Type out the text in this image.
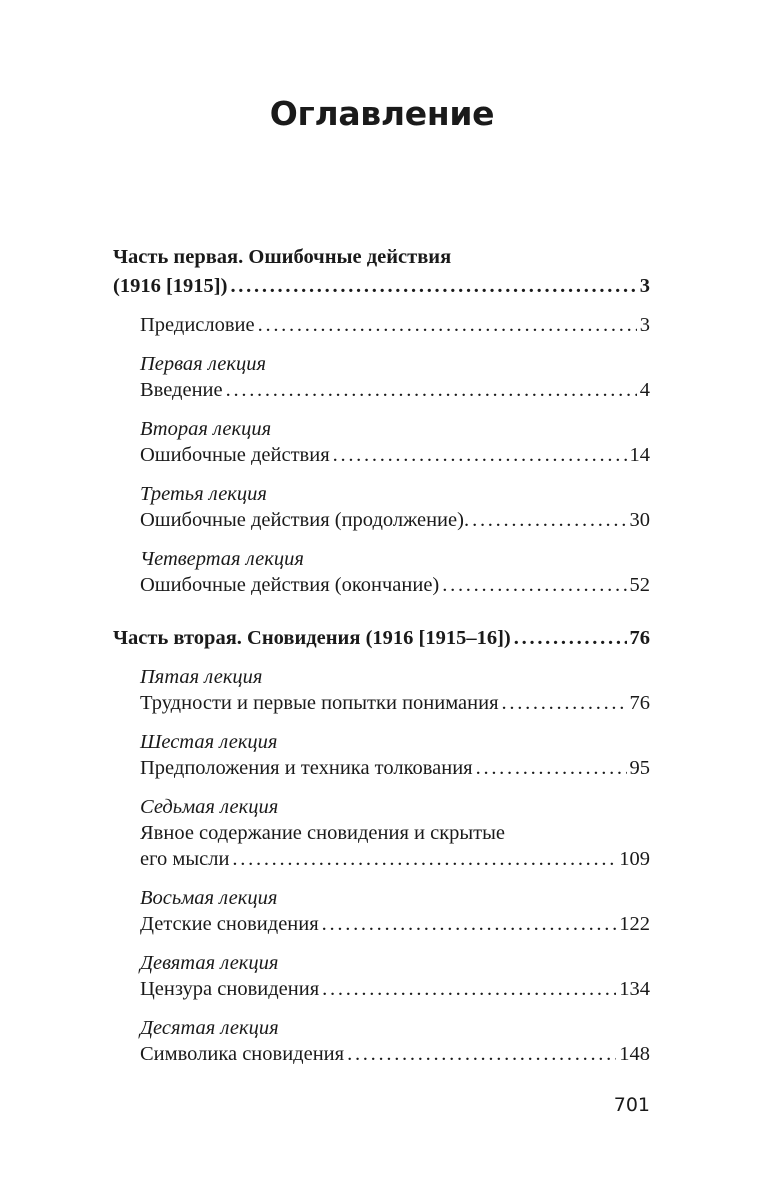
Оглавление
Часть первая. Ошибочные действия
(1916 [1915]) . . .	3
Предисловие . . .	3
Первая лекция
Введение . . .	4
Вторая лекция
Ошибочные действия . . .	14
Третья лекция
Ошибочные действия (продолжение). . . .	30
Четвертая лекция
Ошибочные действия (окончание) . . .	52
Часть вторая. Сновидения (1916 [1915–16]) . . .	76
Пятая лекция
Трудности и первые попытки понимания . . .	76
Шестая лекция
Предположения и техника толкования . . .	95
Седьмая лекция
Явное содержание сновидения и скрытые
его мысли . . .	109
Восьмая лекция
Детские сновидения . . .	122
Девятая лекция
Цензура сновидения . . .	134
Десятая лекция
Символика сновидения . . .	148
701
